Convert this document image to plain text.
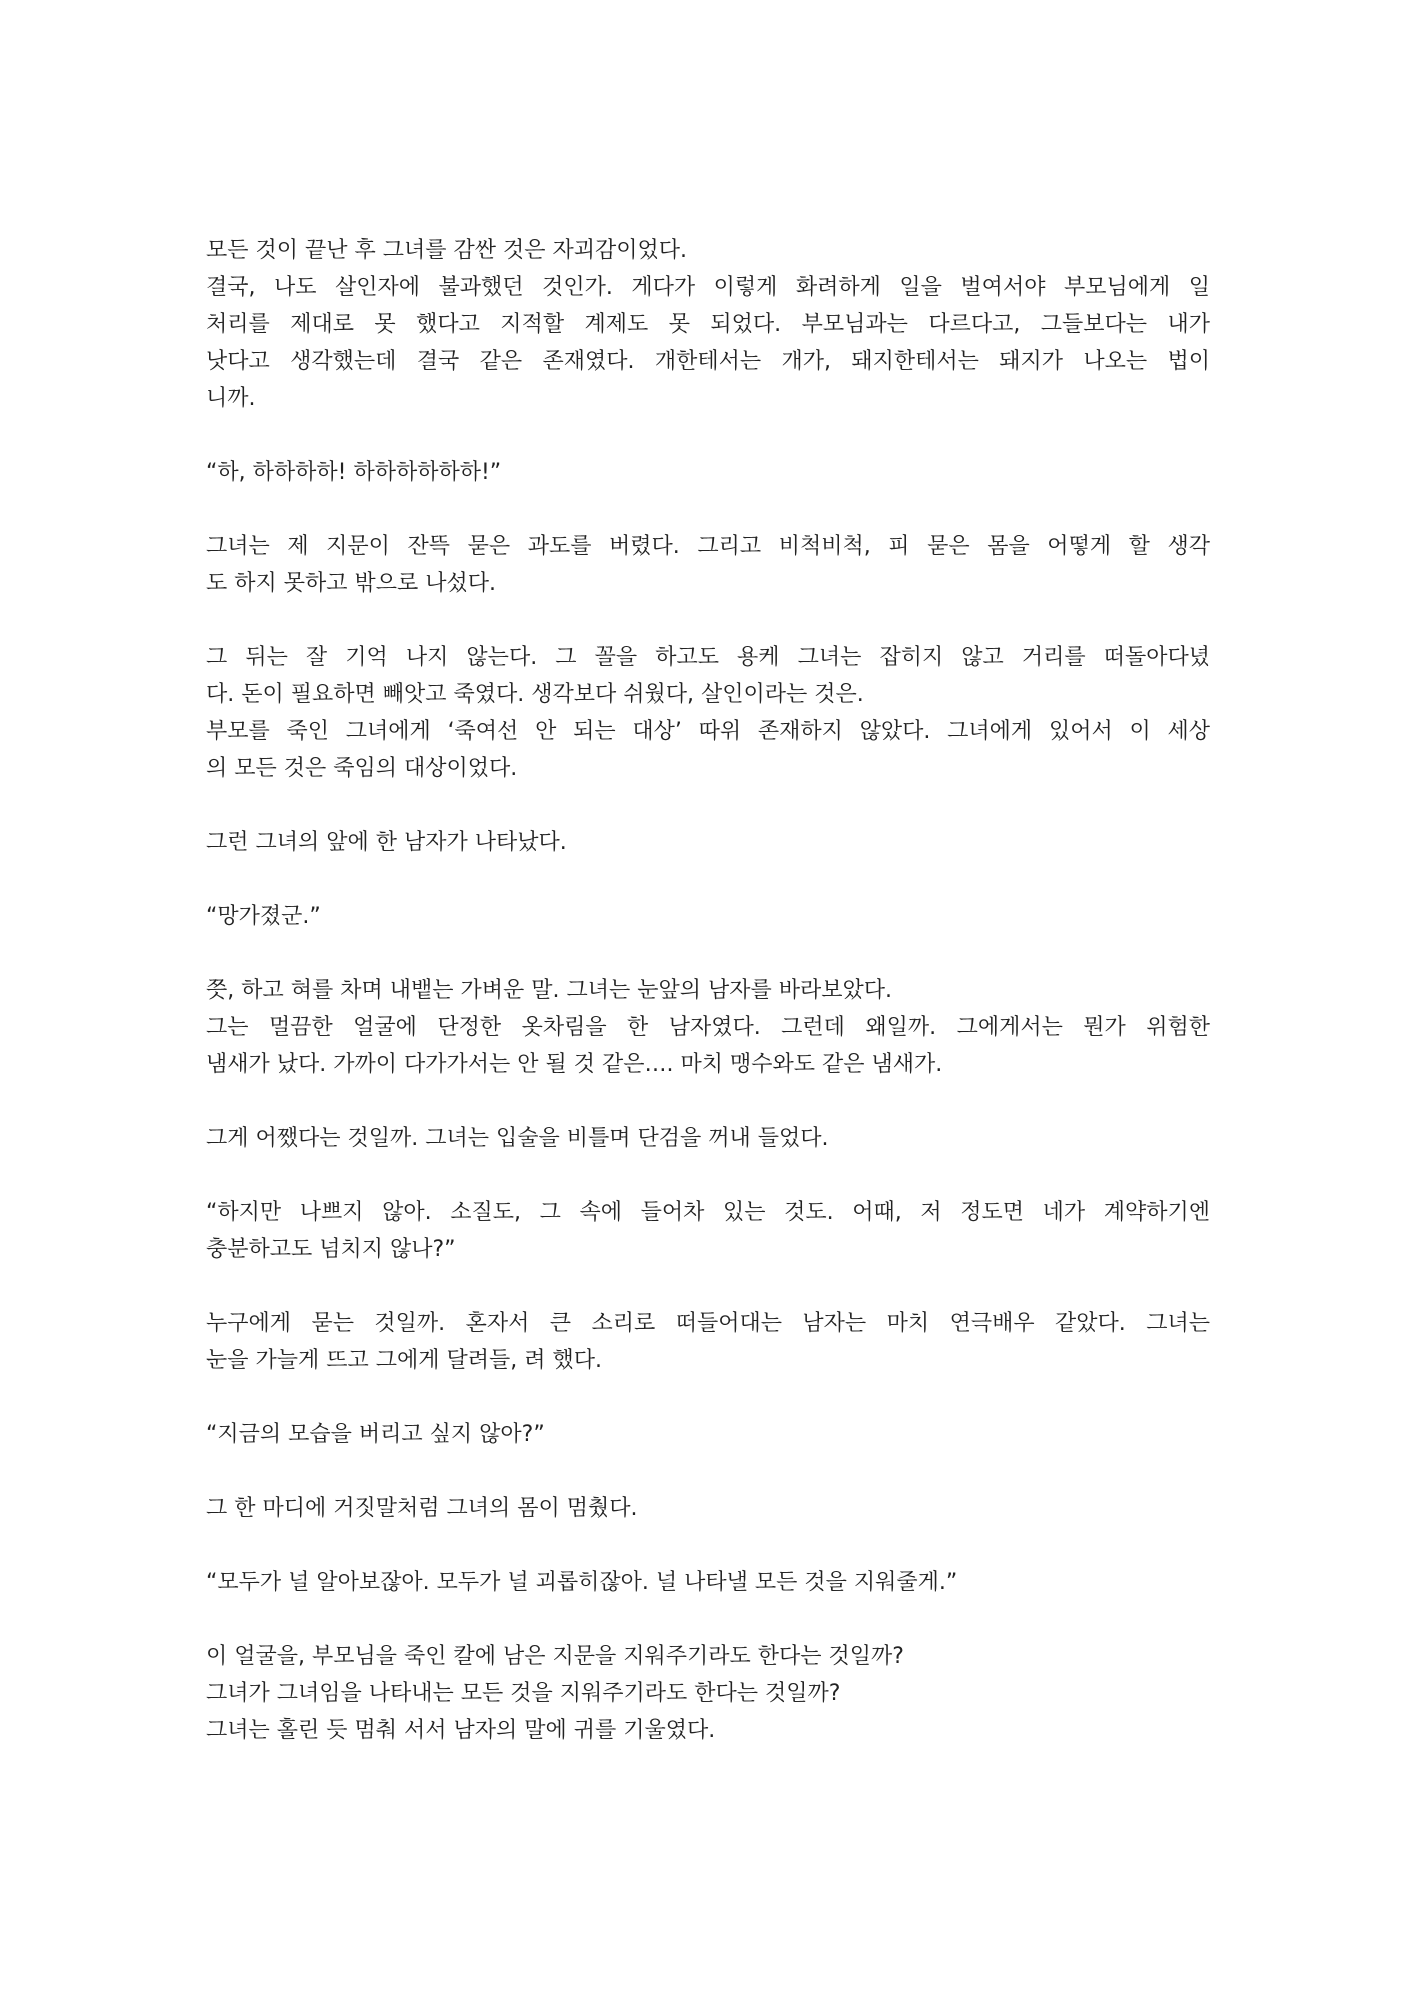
모든 것이 끝난 후 그녀를 감싼 것은 자괴감이었다.
결국, 나도 살인자에 불과했던 것인가. 게다가 이렇게 화려하게 일을 벌여서야 부모님에게 일
처리를 제대로 못 했다고 지적할 계제도 못 되었다. 부모님과는 다르다고, 그들보다는 내가
낫다고 생각했는데 결국 같은 존재였다. 개한테서는 개가, 돼지한테서는 돼지가 나오는 법이
니까.
“하, 하하하하! 하하하하하하!”
그녀는 제 지문이 잔뜩 묻은 과도를 버렸다. 그리고 비척비척, 피 묻은 몸을 어떻게 할 생각
도 하지 못하고 밖으로 나섰다.
그 뒤는 잘 기억 나지 않는다. 그 꼴을 하고도 용케 그녀는 잡히지 않고 거리를 떠돌아다녔
다. 돈이 필요하면 빼앗고 죽였다. 생각보다 쉬웠다, 살인이라는 것은.
부모를 죽인 그녀에게 ‘죽여선 안 되는 대상’ 따위 존재하지 않았다. 그녀에게 있어서 이 세상
의 모든 것은 죽임의 대상이었다.
그런 그녀의 앞에 한 남자가 나타났다.
“망가졌군.”
쯧, 하고 혀를 차며 내뱉는 가벼운 말. 그녀는 눈앞의 남자를 바라보았다.
그는 멀끔한 얼굴에 단정한 옷차림을 한 남자였다. 그런데 왜일까. 그에게서는 뭔가 위험한
냄새가 났다. 가까이 다가가서는 안 될 것 같은…. 마치 맹수와도 같은 냄새가.
그게 어쨌다는 것일까. 그녀는 입술을 비틀며 단검을 꺼내 들었다.
“하지만 나쁘지 않아. 소질도, 그 속에 들어차 있는 것도. 어때, 저 정도면 네가 계약하기엔
충분하고도 넘치지 않나?”
누구에게 묻는 것일까. 혼자서 큰 소리로 떠들어대는 남자는 마치 연극배우 같았다. 그녀는
눈을 가늘게 뜨고 그에게 달려들, 려 했다.
“지금의 모습을 버리고 싶지 않아?”
그 한 마디에 거짓말처럼 그녀의 몸이 멈췄다.
“모두가 널 알아보잖아. 모두가 널 괴롭히잖아. 널 나타낼 모든 것을 지워줄게.”
이 얼굴을, 부모님을 죽인 칼에 남은 지문을 지워주기라도 한다는 것일까?
그녀가 그녀임을 나타내는 모든 것을 지워주기라도 한다는 것일까?
그녀는 홀린 듯 멈춰 서서 남자의 말에 귀를 기울였다.
